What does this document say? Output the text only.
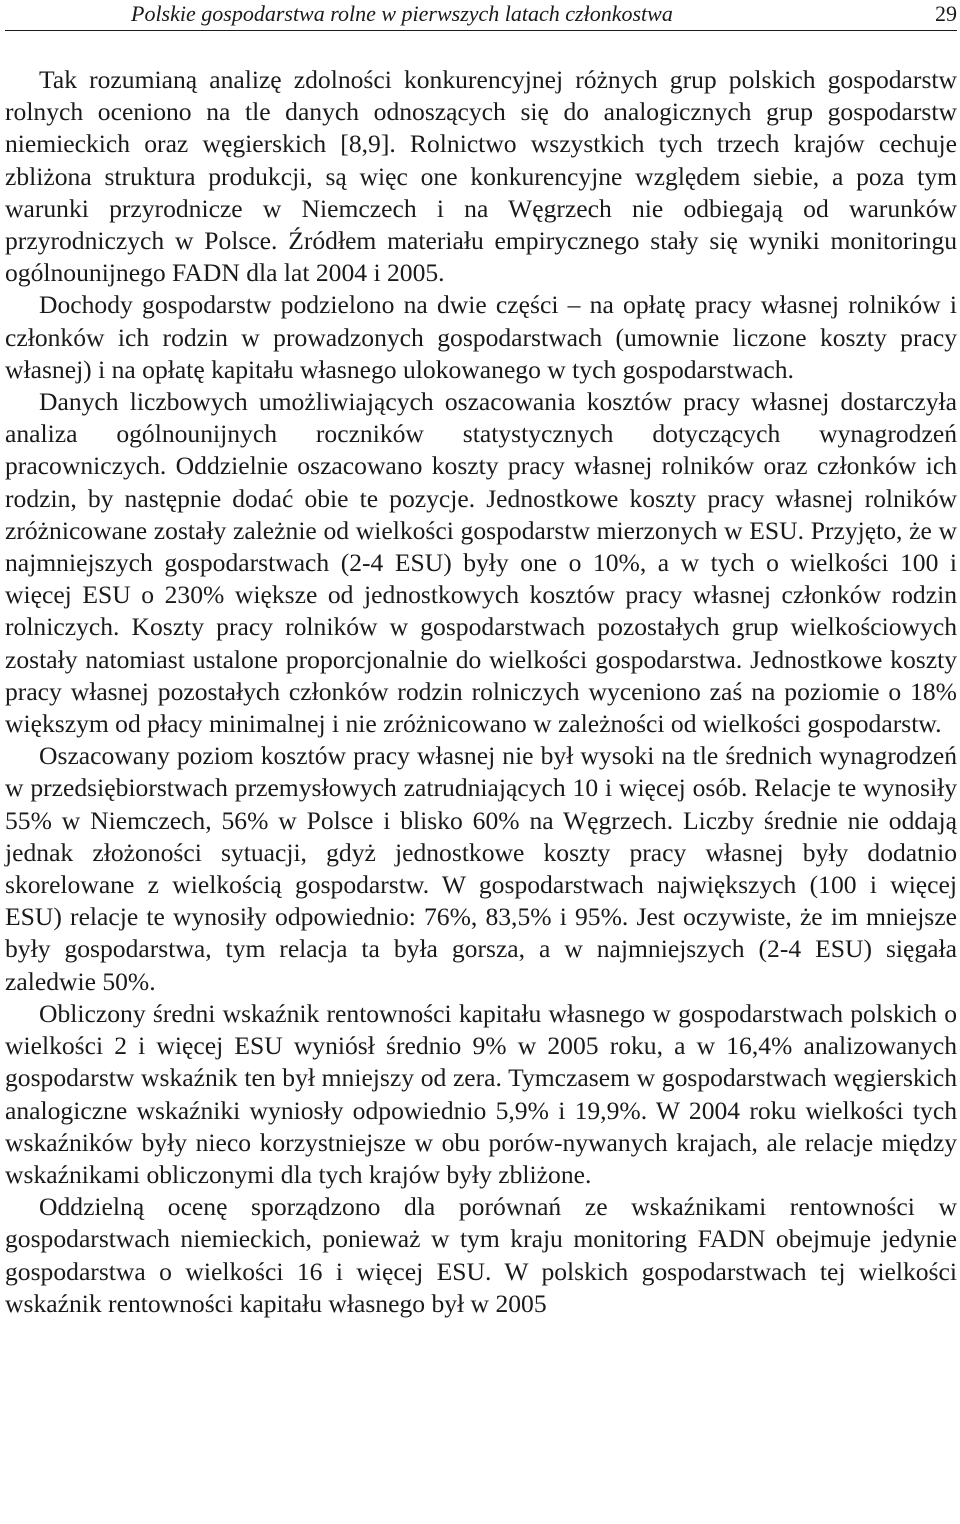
Polskie gospodarstwa rolne w pierwszych latach członkostwa	29

Tak rozumianą analizę zdolności konkurencyjnej różnych grup polskich gospodarstw rolnych oceniono na tle danych odnoszących się do analogicznych grup gospodarstw niemieckich oraz węgierskich [8,9]. Rolnictwo wszystkich tych trzech krajów cechuje zbliżona struktura produkcji, są więc one konkurencyjne względem siebie, a poza tym warunki przyrodnicze w Niemczech i na Węgrzech nie odbiegają od warunków przyrodniczych w Polsce. Źródłem materiału empirycznego stały się wyniki monitoringu ogólnounijnego FADN dla lat 2004 i 2005.

Dochody gospodarstw podzielono na dwie części – na opłatę pracy własnej rolników i członków ich rodzin w prowadzonych gospodarstwach (umownie liczone koszty pracy własnej) i na opłatę kapitału własnego ulokowanego w tych gospodarstwach.

Danych liczbowych umożliwiających oszacowania kosztów pracy własnej dostarczyła analiza ogólnounijnych roczników statystycznych dotyczących wynagrodzeń pracowniczych. Oddzielnie oszacowano koszty pracy własnej rolników oraz członków ich rodzin, by następnie dodać obie te pozycje. Jednostkowe koszty pracy własnej rolników zróżnicowane zostały zależnie od wielkości gospodarstw mierzonych w ESU. Przyjęto, że w najmniejszych gospodarstwach (2-4 ESU) były one o 10%, a w tych o wielkości 100 i więcej ESU o 230% większe od jednostkowych kosztów pracy własnej członków rodzin rolniczych. Koszty pracy rolników w gospodarstwach pozostałych grup wielkościowych zostały natomiast ustalone proporcjonalnie do wielkości gospodarstwa. Jednostkowe koszty pracy własnej pozostałych członków rodzin rolniczych wyceniono zaś na poziomie o 18% większym od płacy minimalnej i nie zróżnicowano w zależności od wielkości gospodarstw.

Oszacowany poziom kosztów pracy własnej nie był wysoki na tle średnich wynagrodzeń w przedsiębiorstwach przemysłowych zatrudniających 10 i więcej osób. Relacje te wynosiły 55% w Niemczech, 56% w Polsce i blisko 60% na Węgrzech. Liczby średnie nie oddają jednak złożoności sytuacji, gdyż jednostkowe koszty pracy własnej były dodatnio skorelowane z wielkością gospodarstw. W gospodarstwach największych (100 i więcej ESU) relacje te wynosiły odpowiednio: 76%, 83,5% i 95%. Jest oczywiste, że im mniejsze były gospodarstwa, tym relacja ta była gorsza, a w najmniejszych (2-4 ESU) sięgała zaledwie 50%.

Obliczony średni wskaźnik rentowności kapitału własnego w gospodarstwach polskich o wielkości 2 i więcej ESU wyniósł średnio 9% w 2005 roku, a w 16,4% analizowanych gospodarstw wskaźnik ten był mniejszy od zera. Tymczasem w gospodarstwach węgierskich analogiczne wskaźniki wyniosły odpowiednio 5,9% i 19,9%. W 2004 roku wielkości tych wskaźników były nieco korzystniejsze w obu porów-nywanych krajach, ale relacje między wskaźnikami obliczonymi dla tych krajów były zbliżone.

Oddzielną ocenę sporządzono dla porównań ze wskaźnikami rentowności w gospodarstwach niemieckich, ponieważ w tym kraju monitoring FADN obejmuje jedynie gospodarstwa o wielkości 16 i więcej ESU. W polskich gospodarstwach tej wielkości wskaźnik rentowności kapitału własnego był w 2005
